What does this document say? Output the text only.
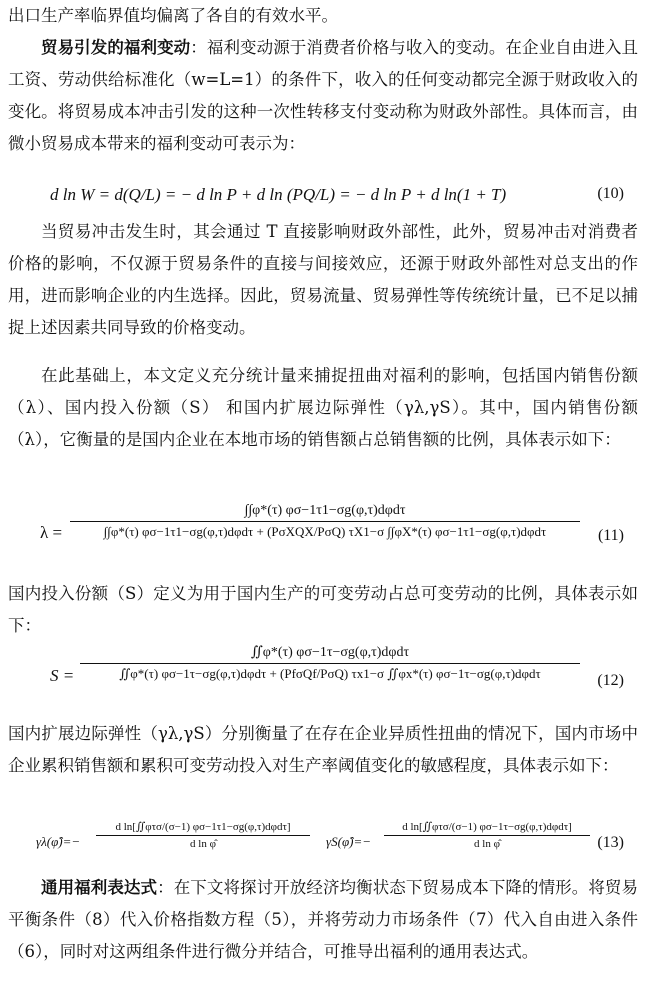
出口生产率临界值均偏离了各自的有效水平。

贸易引发的福利变动：福利变动源于消费者价格与收入的变动。在企业自由进入且工资、劳动供给标准化（w=L=1）的条件下，收入的任何变动都完全源于财政收入的变化。将贸易成本冲击引发的这种一次性转移支付变动称为财政外部性。具体而言，由微小贸易成本带来的福利变动可表示为：

d ln W = d(Q/L) = − d ln P + d ln (PQ/L) = − d ln P + d ln(1 + T)	(10)

当贸易冲击发生时，其会通过 T 直接影响财政外部性，此外，贸易冲击对消费者价格的影响，不仅源于贸易条件的直接与间接效应，还源于财政外部性对总支出的作用，进而影响企业的内生选择。因此，贸易流量、贸易弹性等传统统计量，已不足以捕捉上述因素共同导致的价格变动。

在此基础上，本文定义充分统计量来捕捉扭曲对福利的影响，包括国内销售份额（λ）、国内投入份额（S） 和国内扩展边际弹性（γλ,γS）。其中，国内销售份额（λ），它衡量的是国内企业在本地市场的销售额占总销售额的比例，具体表示如下：

λ =
∫∫φ*(τ) φσ−1τ1−σg(φ,τ)dφdτ
∫∫φ*(τ) φσ−1τ1−σg(φ,τ)dφdτ + (PσXQX/PσQ) τX1−σ ∫∫φX*(τ) φσ−1τ1−σg(φ,τ)dφdτ	(11)

国内投入份额（S）定义为用于国内生产的可变劳动占总可变劳动的比例，具体表示如下：

S =
∬φ*(τ) φσ−1τ−σg(φ,τ)dφdτ
∬φ*(τ) φσ−1τ−σg(φ,τ)dφdτ + (PfσQf/PσQ) τx1−σ ∬φx*(τ) φσ−1τ−σg(φ,τ)dφdτ	(12)

国内扩展边际弹性（γλ,γS）分别衡量了在存在企业异质性扭曲的情况下，国内市场中企业累积销售额和累积可变劳动投入对生产率阈值变化的敏感程度，具体表示如下：

γλ(φ̂)=−
d ln[∬φτσ/(σ−1) φσ−1τ1−σg(φ,τ)dφdτ]
d ln φ̂	γS(φ̂)=−
d ln[∬φτσ/(σ−1) φσ−1τ−σg(φ,τ)dφdτ]
d ln φ̂	(13)

通用福利表达式：在下文将探讨开放经济均衡状态下贸易成本下降的情形。将贸易平衡条件（8）代入价格指数方程（5），并将劳动力市场条件（7）代入自由进入条件（6），同时对这两组条件进行微分并结合，可推导出福利的通用表达式。
